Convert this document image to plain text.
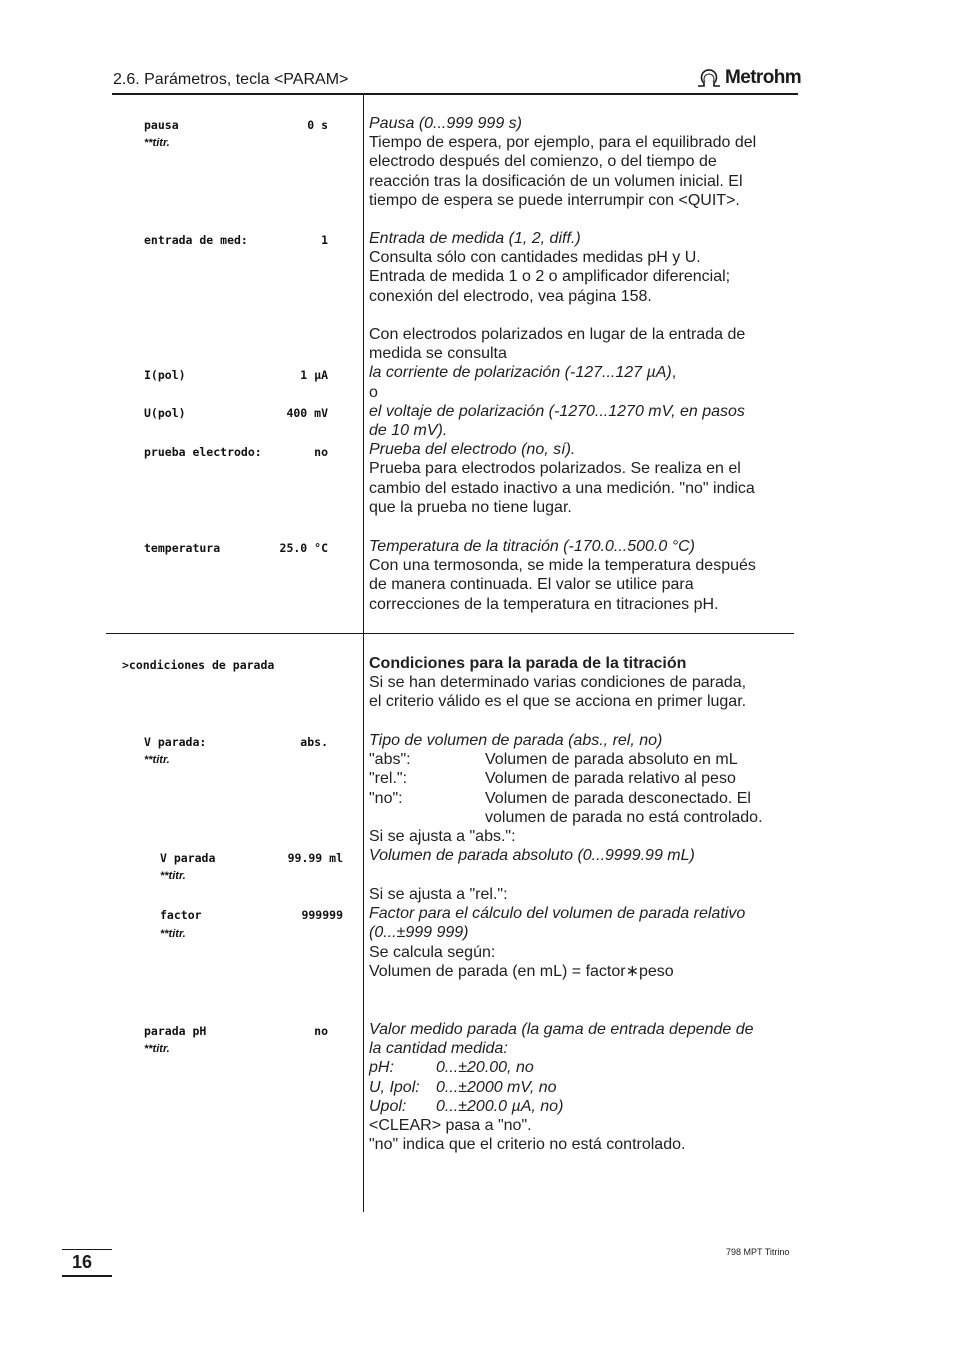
2.6. Parámetros, tecla <PARAM>	Metrohm
pausa	0 s
**titr.
entrada de med:	1
I(pol)	1 µA
U(pol)	400 mV
prueba electrodo:	no
temperatura	25.0 °C
>condiciones de parada
V parada:	abs.
**titr.
V parada	99.99 ml
**titr.
factor	999999
**titr.
parada pH	no
**titr.
Pausa (0...999 999 s)
Tiempo de espera, por ejemplo, para el equilibrado del
electrodo después del comienzo, o del tiempo de
reacción tras la dosificación de un volumen inicial. El
tiempo de espera se puede interrumpir con <QUIT>.
Entrada de medida (1, 2, diff.)
Consulta sólo con cantidades medidas pH y U.
Entrada de medida 1 o 2 o amplificador diferencial;
conexión del electrodo, vea página 158.
Con electrodos polarizados en lugar de la entrada de
medida se consulta
la corriente de polarización (-127...127 µA),
o
el voltaje de polarización (-1270...1270 mV, en pasos
de 10 mV).
Prueba del electrodo (no, sí).
Prueba para electrodos polarizados. Se realiza en el
cambio del estado inactivo a una medición. "no" indica
que la prueba no tiene lugar.
Temperatura de la titración (-170.0...500.0 °C)
Con una termosonda, se mide la temperatura después
de manera continuada. El valor se utilice para
correcciones de la temperatura en titraciones pH.
Condiciones para la parada de la titración
Si se han determinado varias condiciones de parada,
el criterio válido es el que se acciona en primer lugar.
Tipo de volumen de parada (abs., rel, no)
"abs":	Volumen de parada absoluto en mL
"rel.":	Volumen de parada relativo al peso
"no":	Volumen de parada desconectado. El
volumen de parada no está controlado.
Si se ajusta a "abs.":
Volumen de parada absoluto (0...9999.99 mL)
Si se ajusta a "rel.":
Factor para el cálculo del volumen de parada relativo
(0...±999 999)
Se calcula según:
Volumen de parada (en mL) = factor∗peso
Valor medido parada (la gama de entrada depende de
la cantidad medida:
pH:	0...±20.00, no
U, Ipol: 0...±2000 mV, no
Upol: 0...±200.0 µA, no)
<CLEAR> pasa a "no".
"no" indica que el criterio no está controlado.
16	798 MPT Titrino
